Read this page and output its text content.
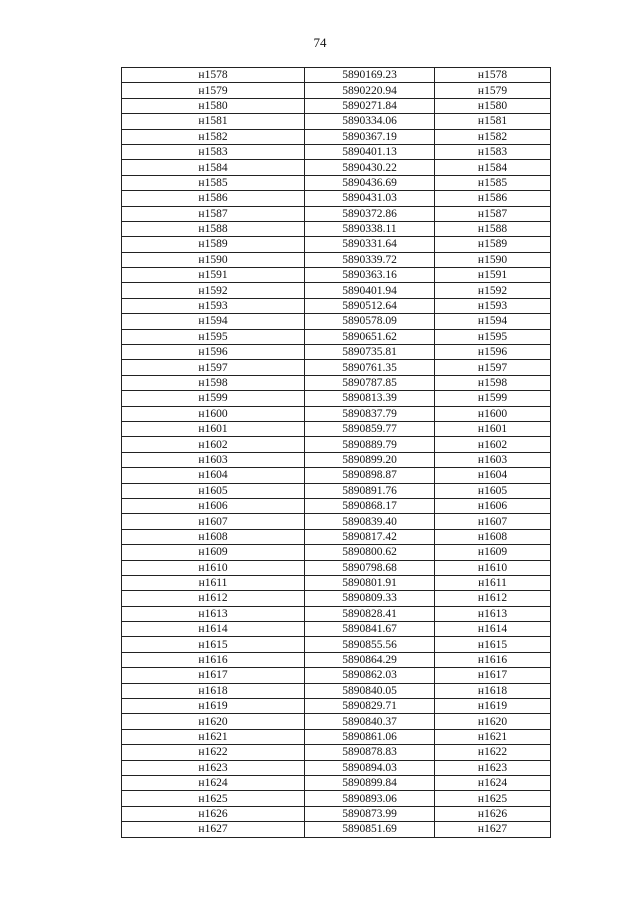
74
н1578	5890169.23	н1578
н1579	5890220.94	н1579
н1580	5890271.84	н1580
н1581	5890334.06	н1581
н1582	5890367.19	н1582
н1583	5890401.13	н1583
н1584	5890430.22	н1584
н1585	5890436.69	н1585
н1586	5890431.03	н1586
н1587	5890372.86	н1587
н1588	5890338.11	н1588
н1589	5890331.64	н1589
н1590	5890339.72	н1590
н1591	5890363.16	н1591
н1592	5890401.94	н1592
н1593	5890512.64	н1593
н1594	5890578.09	н1594
н1595	5890651.62	н1595
н1596	5890735.81	н1596
н1597	5890761.35	н1597
н1598	5890787.85	н1598
н1599	5890813.39	н1599
н1600	5890837.79	н1600
н1601	5890859.77	н1601
н1602	5890889.79	н1602
н1603	5890899.20	н1603
н1604	5890898.87	н1604
н1605	5890891.76	н1605
н1606	5890868.17	н1606
н1607	5890839.40	н1607
н1608	5890817.42	н1608
н1609	5890800.62	н1609
н1610	5890798.68	н1610
н1611	5890801.91	н1611
н1612	5890809.33	н1612
н1613	5890828.41	н1613
н1614	5890841.67	н1614
н1615	5890855.56	н1615
н1616	5890864.29	н1616
н1617	5890862.03	н1617
н1618	5890840.05	н1618
н1619	5890829.71	н1619
н1620	5890840.37	н1620
н1621	5890861.06	н1621
н1622	5890878.83	н1622
н1623	5890894.03	н1623
н1624	5890899.84	н1624
н1625	5890893.06	н1625
н1626	5890873.99	н1626
н1627	5890851.69	н1627
